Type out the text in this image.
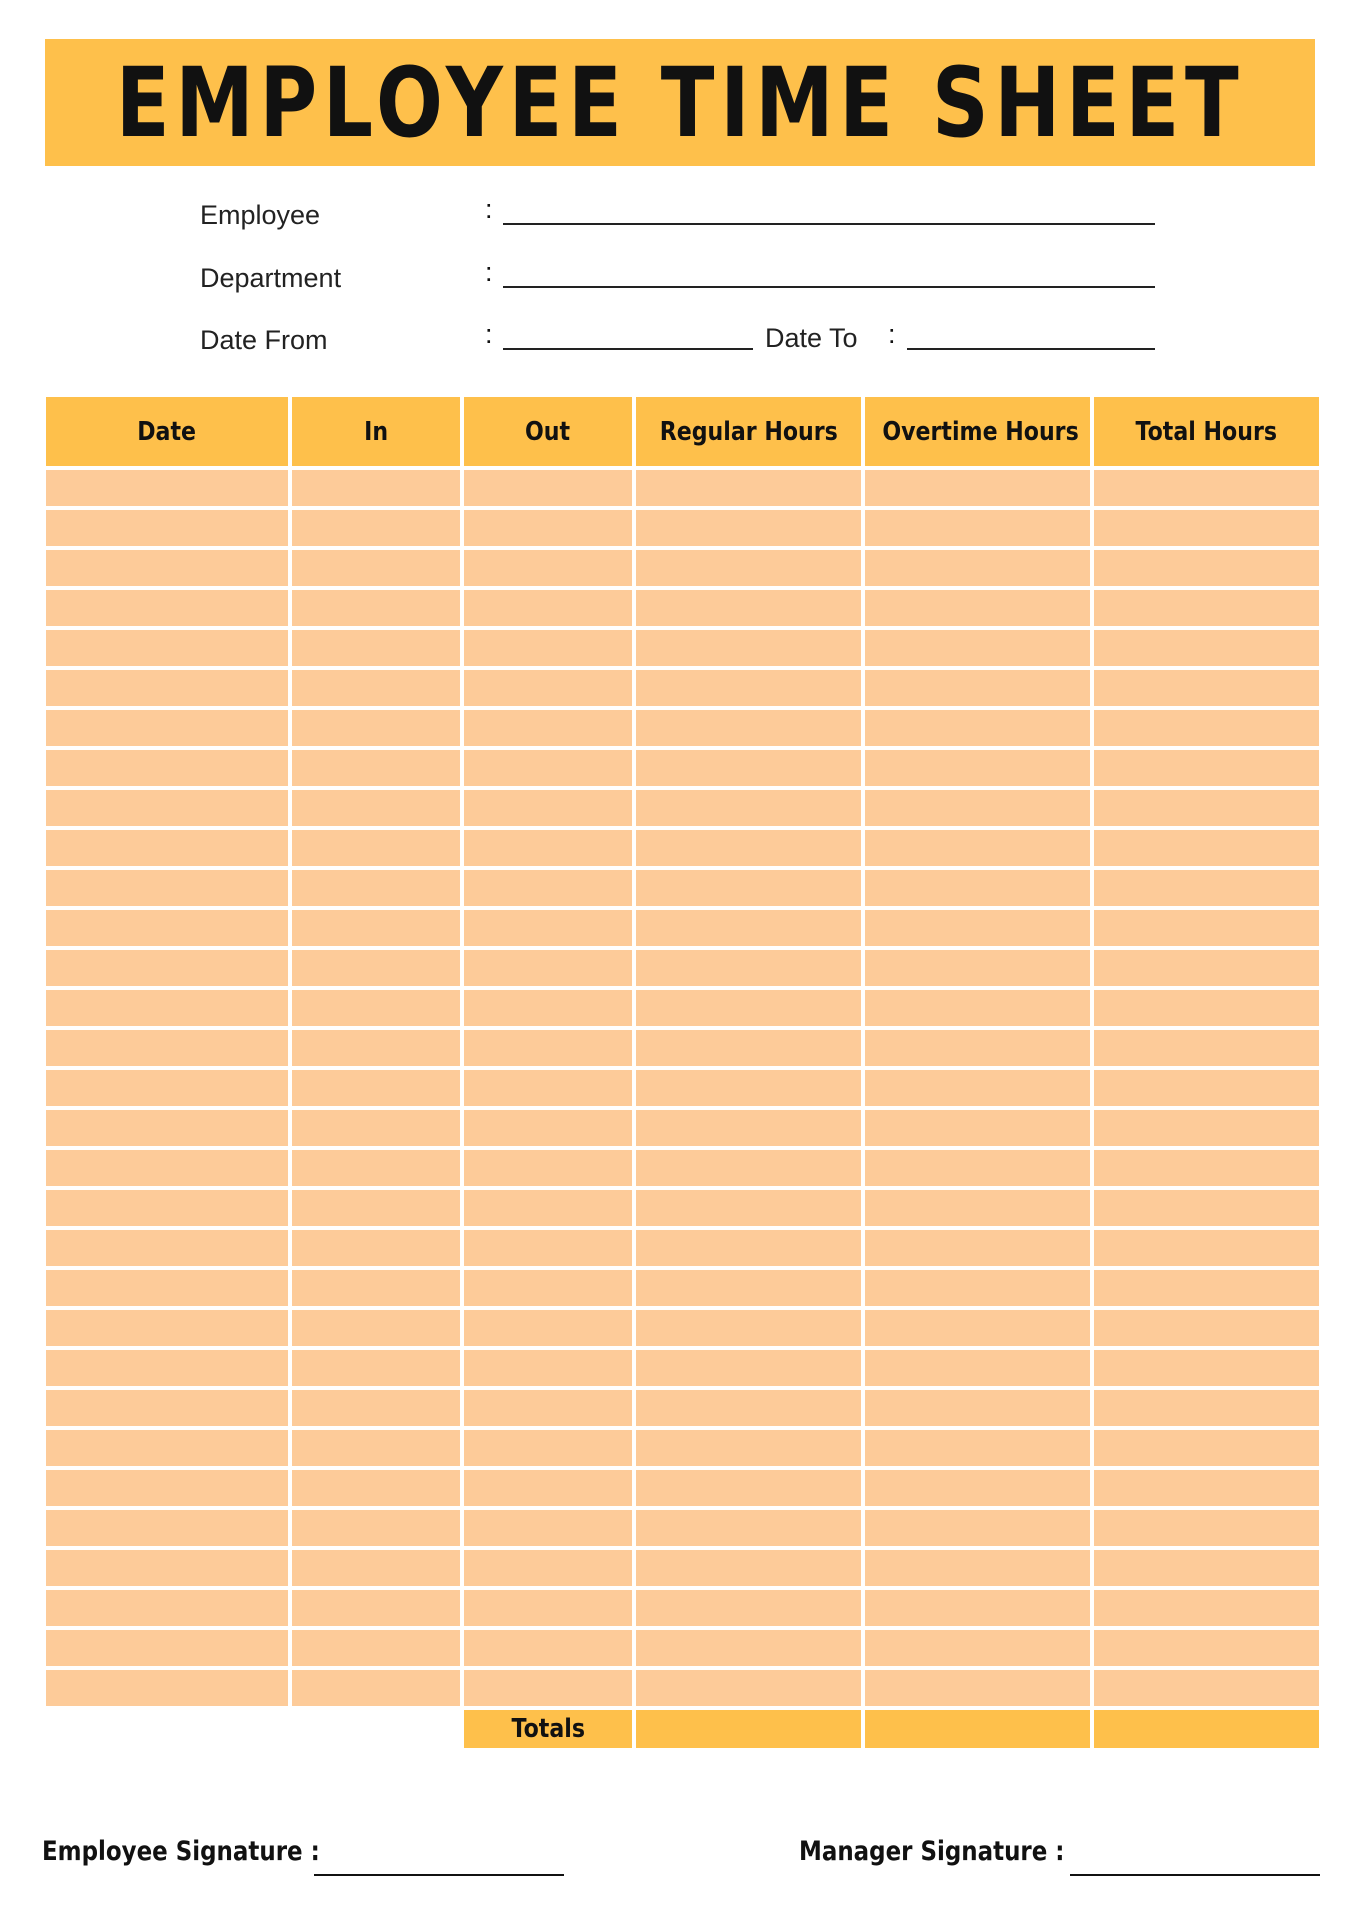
EMPLOYEE TIME SHEET
Employee	:
Department	:
Date From	:	Date To :
Date	In	Out	Regular Hours	Overtime Hours	Total Hours

		Totals			
Employee Signature :	Manager Signature :
